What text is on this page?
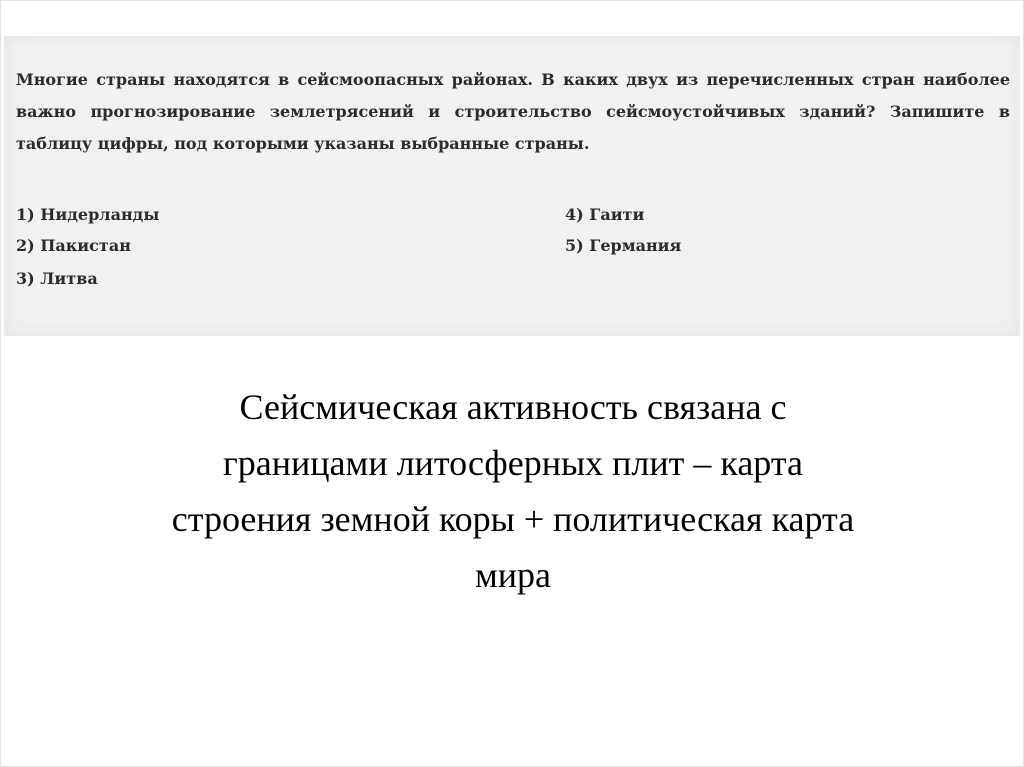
Многие страны находятся в сейсмоопасных районах. В каких двух из перечисленных стран наиболее важно прогнозирование землетрясений и строительство сейсмоустойчивых зданий? Запишите в таблицу цифры, под которыми указаны выбранные страны.

1) Нидерланды
2) Пакистан
3) Литва
4) Гаити
5) Германия

Сейсмическая активность связана с
границами литосферных плит – карта
строения земной коры + политическая карта
мира
